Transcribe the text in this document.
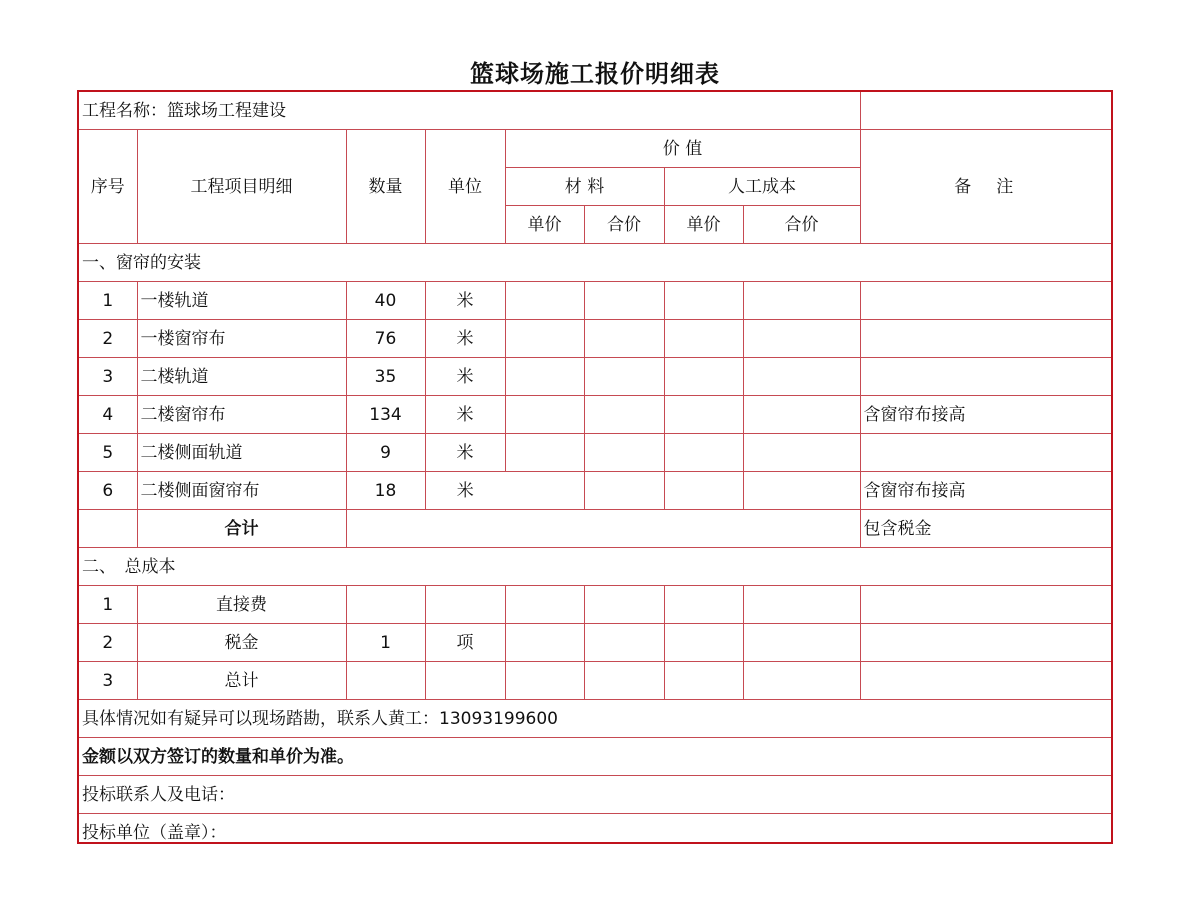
篮球场施工报价明细表
工程名称：篮球场工程建设								
序号	工程项目明细	数量	单位	价 值				备　注
				材 料		人工成本		
				单价	合价	单价	合价	
一、窗帘的安装								
1	一楼轨道	40	米					
2	一楼窗帘布	76	米					
3	二楼轨道	35	米					
4	二楼窗帘布	134	米					含窗帘布接高
5	二楼侧面轨道	9	米					
6	二楼侧面窗帘布	18	米					含窗帘布接高
	合计							包含税金
二、　总成本								
1	直接费							
2	税金	1	项					
3	总计							
具体情况如有疑异可以现场踏勘，联系人黄工：13093199600								
金额以双方签订的数量和单价为准。								
投标联系人及电话：								
投标单位（盖章）：								
